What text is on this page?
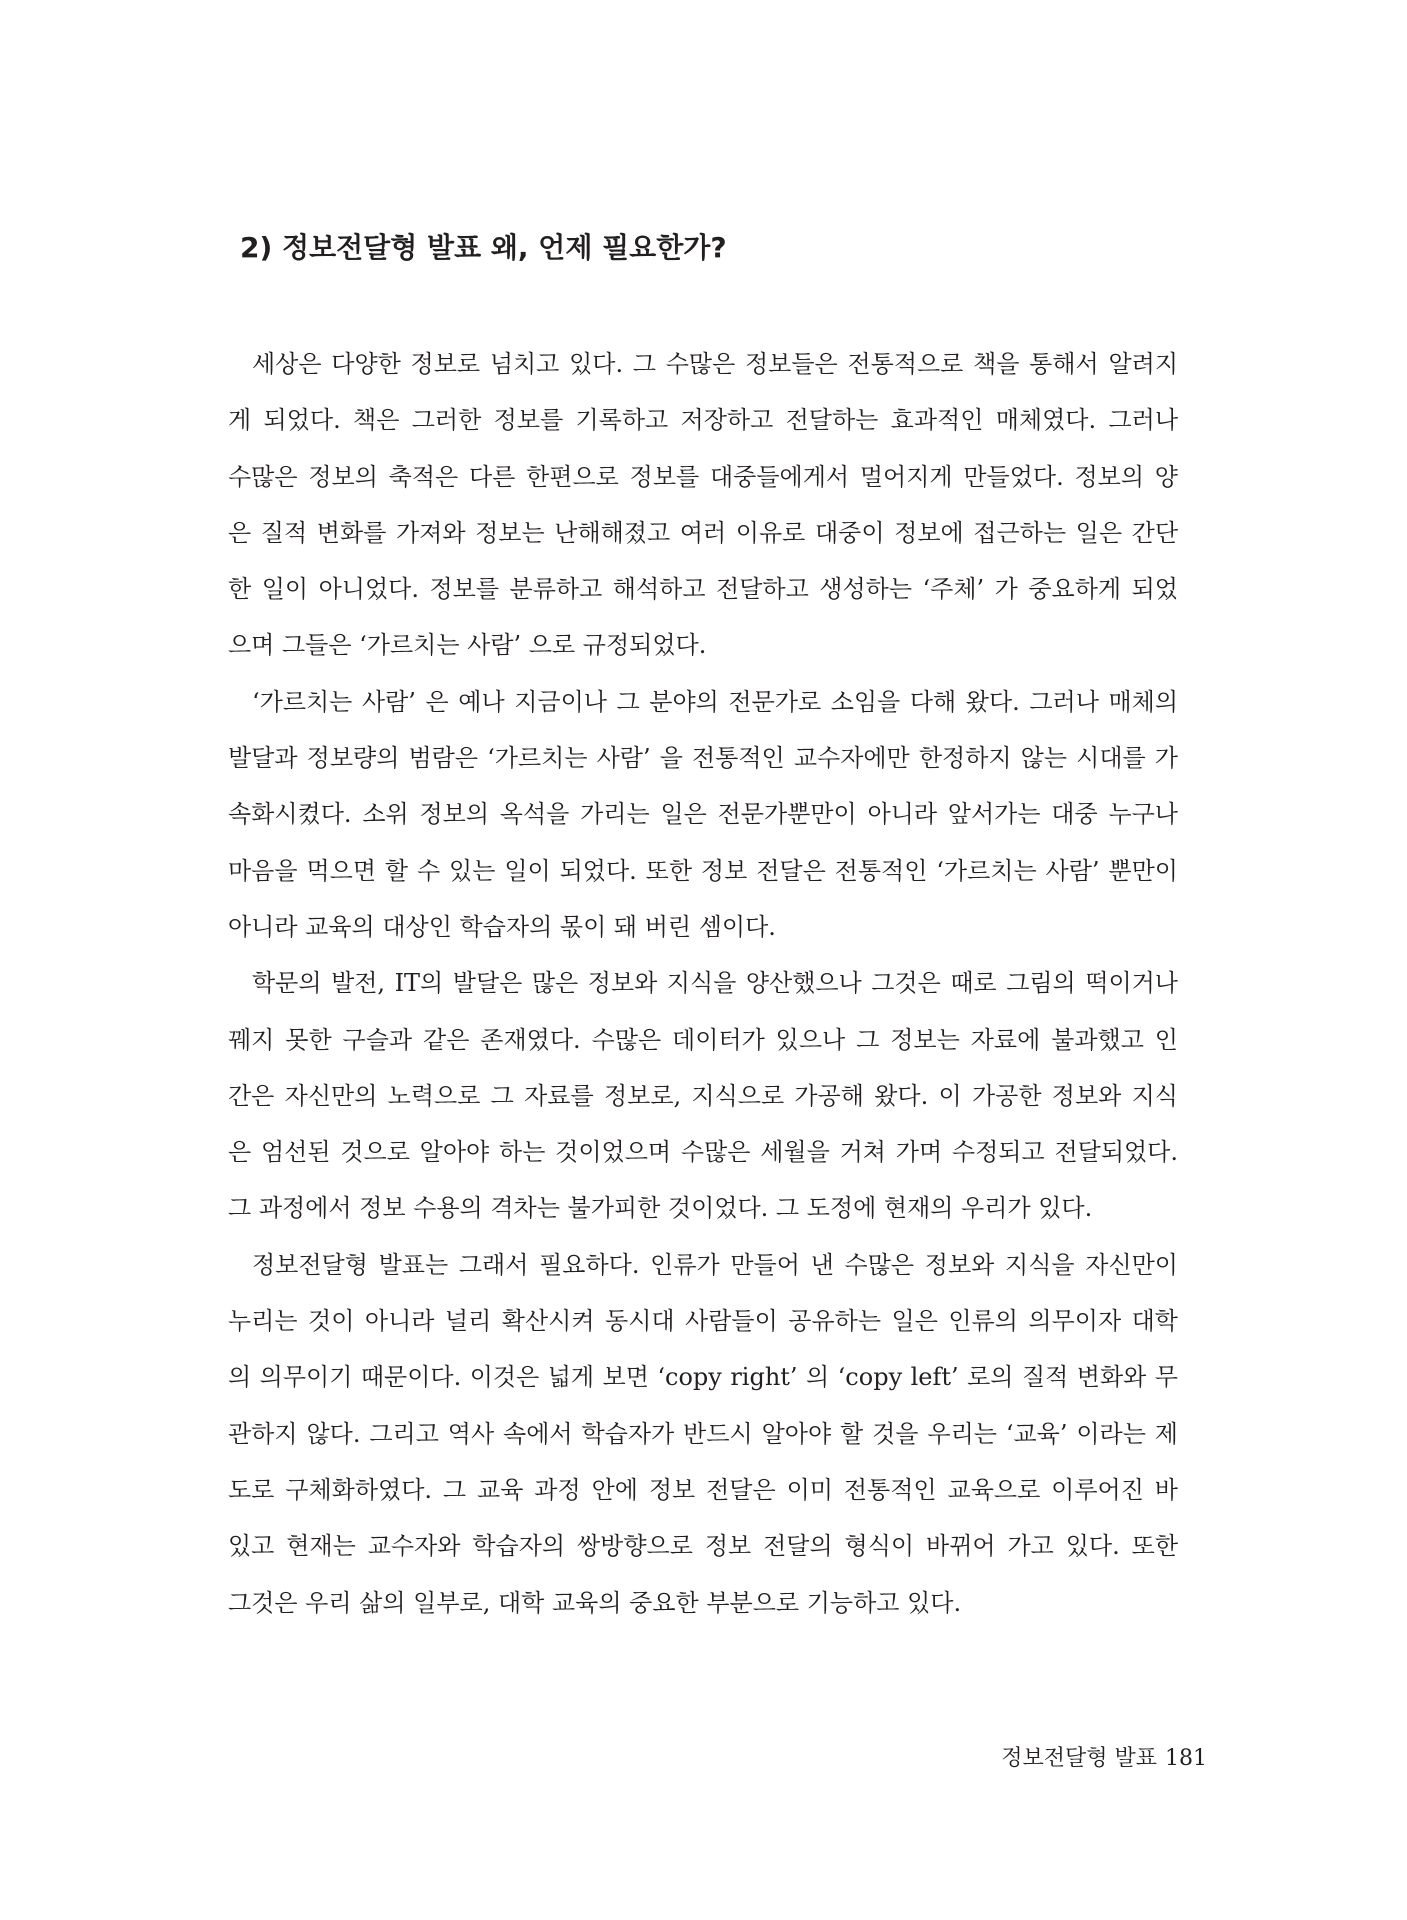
2) 정보전달형 발표 왜, 언제 필요한가?
세상은 다양한 정보로 넘치고 있다. 그 수많은 정보들은 전통적으로 책을 통해서 알려지
게 되었다. 책은 그러한 정보를 기록하고 저장하고 전달하는 효과적인 매체였다. 그러나
수많은 정보의 축적은 다른 한편으로 정보를 대중들에게서 멀어지게 만들었다. 정보의 양
은 질적 변화를 가져와 정보는 난해해졌고 여러 이유로 대중이 정보에 접근하는 일은 간단
한 일이 아니었다. 정보를 분류하고 해석하고 전달하고 생성하는 ‘주체’ 가 중요하게 되었
으며 그들은 ‘가르치는 사람’ 으로 규정되었다.
‘가르치는 사람’ 은 예나 지금이나 그 분야의 전문가로 소임을 다해 왔다. 그러나 매체의
발달과 정보량의 범람은 ‘가르치는 사람’ 을 전통적인 교수자에만 한정하지 않는 시대를 가
속화시켰다. 소위 정보의 옥석을 가리는 일은 전문가뿐만이 아니라 앞서가는 대중 누구나
마음을 먹으면 할 수 있는 일이 되었다. 또한 정보 전달은 전통적인 ‘가르치는 사람’ 뿐만이
아니라 교육의 대상인 학습자의 몫이 돼 버린 셈이다.
학문의 발전, IT의 발달은 많은 정보와 지식을 양산했으나 그것은 때로 그림의 떡이거나
꿰지 못한 구슬과 같은 존재였다. 수많은 데이터가 있으나 그 정보는 자료에 불과했고 인
간은 자신만의 노력으로 그 자료를 정보로, 지식으로 가공해 왔다. 이 가공한 정보와 지식
은 엄선된 것으로 알아야 하는 것이었으며 수많은 세월을 거쳐 가며 수정되고 전달되었다.
그 과정에서 정보 수용의 격차는 불가피한 것이었다. 그 도정에 현재의 우리가 있다.
정보전달형 발표는 그래서 필요하다. 인류가 만들어 낸 수많은 정보와 지식을 자신만이
누리는 것이 아니라 널리 확산시켜 동시대 사람들이 공유하는 일은 인류의 의무이자 대학
의 의무이기 때문이다. 이것은 넓게 보면 ‘copy right’ 의 ‘copy left’ 로의 질적 변화와 무
관하지 않다. 그리고 역사 속에서 학습자가 반드시 알아야 할 것을 우리는 ‘교육’ 이라는 제
도로 구체화하였다. 그 교육 과정 안에 정보 전달은 이미 전통적인 교육으로 이루어진 바
있고 현재는 교수자와 학습자의 쌍방향으로 정보 전달의 형식이 바뀌어 가고 있다. 또한
그것은 우리 삶의 일부로, 대학 교육의 중요한 부분으로 기능하고 있다.
정보전달형 발표 181
